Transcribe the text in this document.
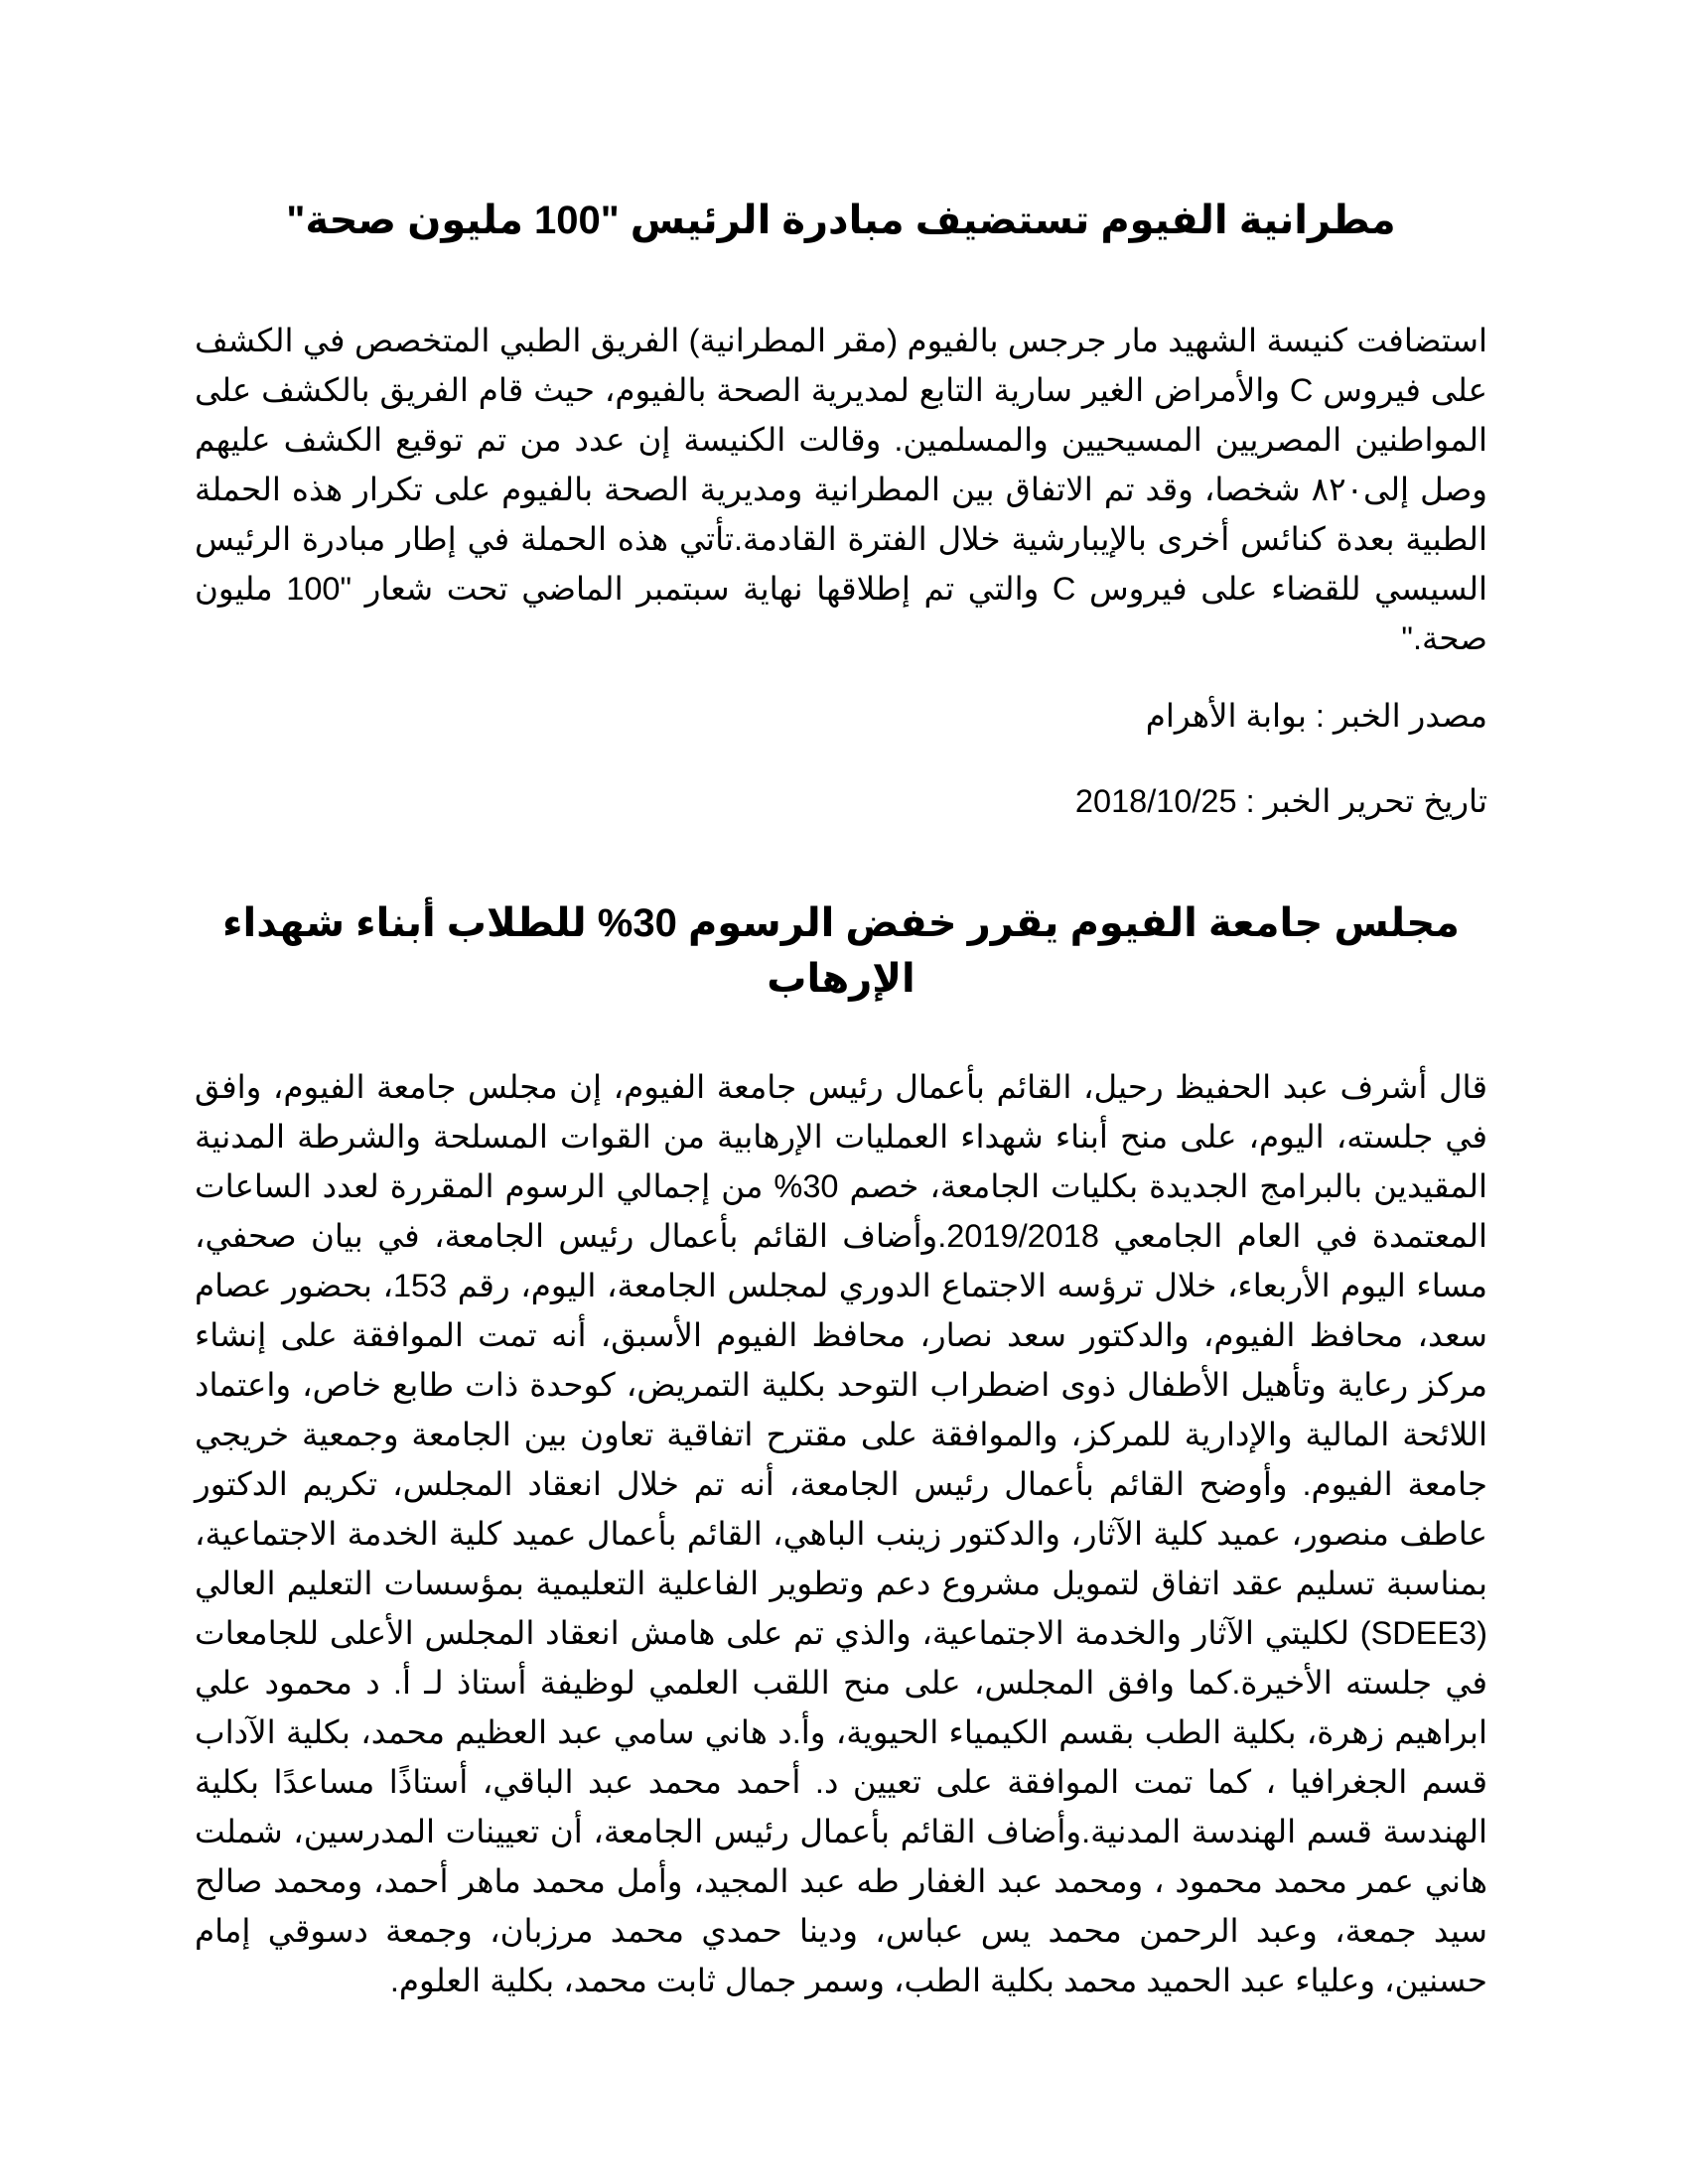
مطرانية الفيوم تستضيف مبادرة الرئيس "100 مليون صحة"

استضافت كنيسة الشهيد مار جرجس بالفيوم (مقر المطرانية) الفريق الطبي المتخصص في الكشف على فيروس C والأمراض الغير سارية التابع لمديرية الصحة بالفيوم، حيث قام الفريق بالكشف على المواطنين المصريين المسيحيين والمسلمين. وقالت الكنيسة إن عدد من تم توقيع الكشف عليهم وصل إلى٨٢٠ شخصا، وقد تم الاتفاق بين المطرانية ومديرية الصحة بالفيوم على تكرار هذه الحملة الطبية بعدة كنائس أخرى بالإيبارشية خلال الفترة القادمة.تأتي هذه الحملة في إطار مبادرة الرئيس السيسي للقضاء على فيروس C والتي تم إطلاقها نهاية سبتمبر الماضي تحت شعار "100 مليون صحة."

مصدر الخبر : بوابة الأهرام

تاريخ تحرير الخبر : 2018/10/25

مجلس جامعة الفيوم يقرر خفض الرسوم 30% للطلاب أبناء شهداء الإرهاب

قال أشرف عبد الحفيظ رحيل، القائم بأعمال رئيس جامعة الفيوم، إن مجلس جامعة الفيوم، وافق في جلسته، اليوم، على منح أبناء شهداء العمليات الإرهابية من القوات المسلحة والشرطة المدنية المقيدين بالبرامج الجديدة بكليات الجامعة، خصم 30% من إجمالي الرسوم المقررة لعدد الساعات المعتمدة في العام الجامعي 2019/2018.وأضاف القائم بأعمال رئيس الجامعة، في بيان صحفي، مساء اليوم الأربعاء، خلال ترؤسه الاجتماع الدوري لمجلس الجامعة، اليوم، رقم 153، بحضور عصام سعد، محافظ الفيوم، والدكتور سعد نصار، محافظ الفيوم الأسبق، أنه تمت الموافقة على إنشاء مركز رعاية وتأهيل الأطفال ذوى اضطراب التوحد بكلية التمريض، كوحدة ذات طابع خاص، واعتماد اللائحة المالية والإدارية للمركز، والموافقة على مقترح اتفاقية تعاون بين الجامعة وجمعية خريجي جامعة الفيوم. وأوضح القائم بأعمال رئيس الجامعة، أنه تم خلال انعقاد المجلس، تكريم الدكتور عاطف منصور، عميد كلية الآثار، والدكتور زينب الباهي، القائم بأعمال عميد كلية الخدمة الاجتماعية، بمناسبة تسليم عقد اتفاق لتمويل مشروع دعم وتطوير الفاعلية التعليمية بمؤسسات التعليم العالي (SDEE3) لكليتي الآثار والخدمة الاجتماعية، والذي تم على هامش انعقاد المجلس الأعلى للجامعات في جلسته الأخيرة.كما وافق المجلس، على منح اللقب العلمي لوظيفة أستاذ لـ أ. د محمود علي ابراهيم زهرة، بكلية الطب بقسم الكيمياء الحيوية، وأ.د هاني سامي عبد العظيم محمد، بكلية الآداب قسم الجغرافيا ، كما تمت الموافقة على تعيين د. أحمد محمد عبد الباقي، أستاذًا مساعدًا بكلية الهندسة قسم الهندسة المدنية.وأضاف القائم بأعمال رئيس الجامعة، أن تعيينات المدرسين، شملت هاني عمر محمد محمود ، ومحمد عبد الغفار طه عبد المجيد، وأمل محمد ماهر أحمد، ومحمد صالح سيد جمعة، وعبد الرحمن محمد يس عباس، ودينا حمدي محمد مرزبان، وجمعة دسوقي إمام حسنين، وعلياء عبد الحميد محمد بكلية الطب، وسمر جمال ثابت محمد، بكلية العلوم.
